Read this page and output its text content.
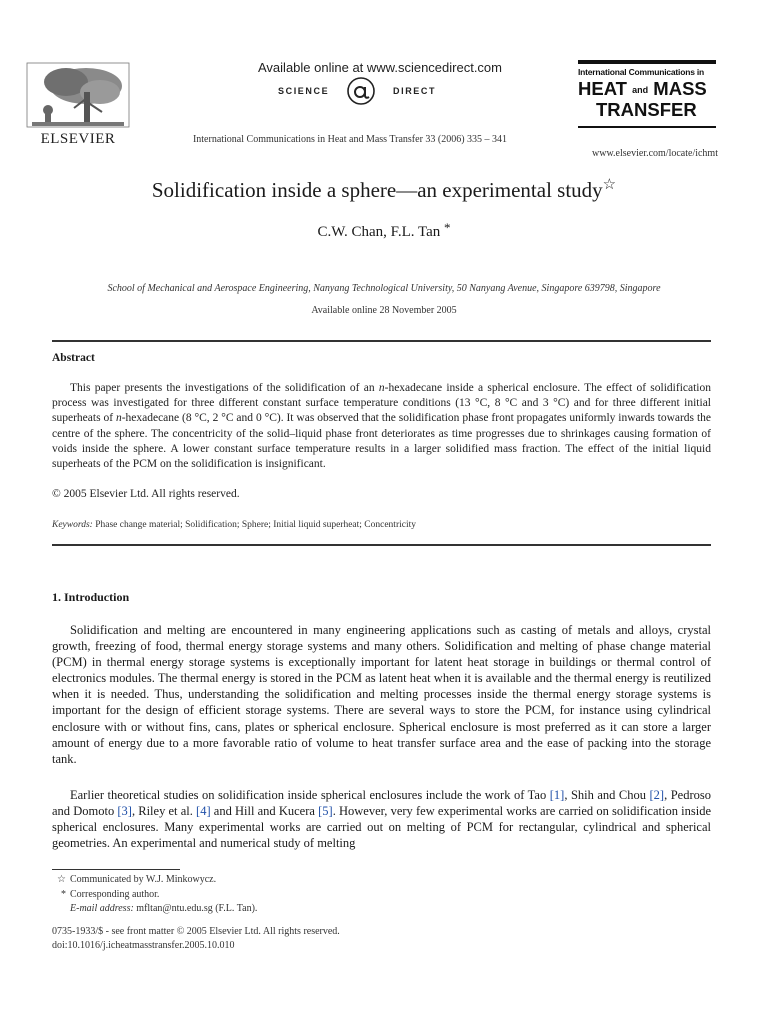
ELSEVIER
Available online at www.sciencedirect.com
SCIENCE	DIRECT
International Communications in Heat and Mass Transfer 33 (2006) 335 – 341
International Communications in
HEAT and MASS
TRANSFER
www.elsevier.com/locate/ichmt
Solidification inside a sphere—an experimental study☆
C.W. Chan, F.L. Tan *
School of Mechanical and Aerospace Engineering, Nanyang Technological University, 50 Nanyang Avenue, Singapore 639798, Singapore
Available online 28 November 2005
Abstract
This paper presents the investigations of the solidification of an n-hexadecane inside a spherical enclosure. The effect of solidification process was investigated for three different constant surface temperature conditions (13 °C, 8 °C and 3 °C) and for three different initial superheats of n-hexadecane (8 °C, 2 °C and 0 °C). It was observed that the solidification phase front propagates uniformly inwards towards the centre of the sphere. The concentricity of the solid–liquid phase front deteriorates as time progresses due to shrinkages causing formation of voids inside the sphere. A lower constant surface temperature results in a larger solidified mass fraction. The effect of the initial liquid superheats of the PCM on the solidification is insignificant.
© 2005 Elsevier Ltd. All rights reserved.
Keywords: Phase change material; Solidification; Sphere; Initial liquid superheat; Concentricity
1. Introduction
Solidification and melting are encountered in many engineering applications such as casting of metals and alloys, crystal growth, freezing of food, thermal energy storage systems and many others. Solidification and melting of phase change material (PCM) in thermal energy storage systems is exceptionally important for latent heat storage in buildings or thermal control of electronics modules. The thermal energy is stored in the PCM as latent heat when it is available and the thermal energy is reutilized when it is needed. Thus, understanding the solidification and melting processes inside the thermal energy storage systems is important for the design of efficient storage systems. There are several ways to store the PCM, for instance using cylindrical enclosure with or without fins, cans, plates or spherical enclosure. Spherical enclosure is most preferred as it can store a larger amount of energy due to a more favorable ratio of volume to heat transfer surface area and the ease of packing into the storage tank.
Earlier theoretical studies on solidification inside spherical enclosures include the work of Tao [1], Shih and Chou [2], Pedroso and Domoto [3], Riley et al. [4] and Hill and Kucera [5]. However, very few experimental works are carried on solidification inside spherical enclosures. Many experimental works are carried out on melting of PCM for rectangular, cylindrical and spherical geometries. An experimental and numerical study of melting
☆ Communicated by W.J. Minkowycz.
* Corresponding author.
E-mail address: mfltan@ntu.edu.sg (F.L. Tan).
0735-1933/$ - see front matter © 2005 Elsevier Ltd. All rights reserved.
doi:10.1016/j.icheatmasstransfer.2005.10.010
